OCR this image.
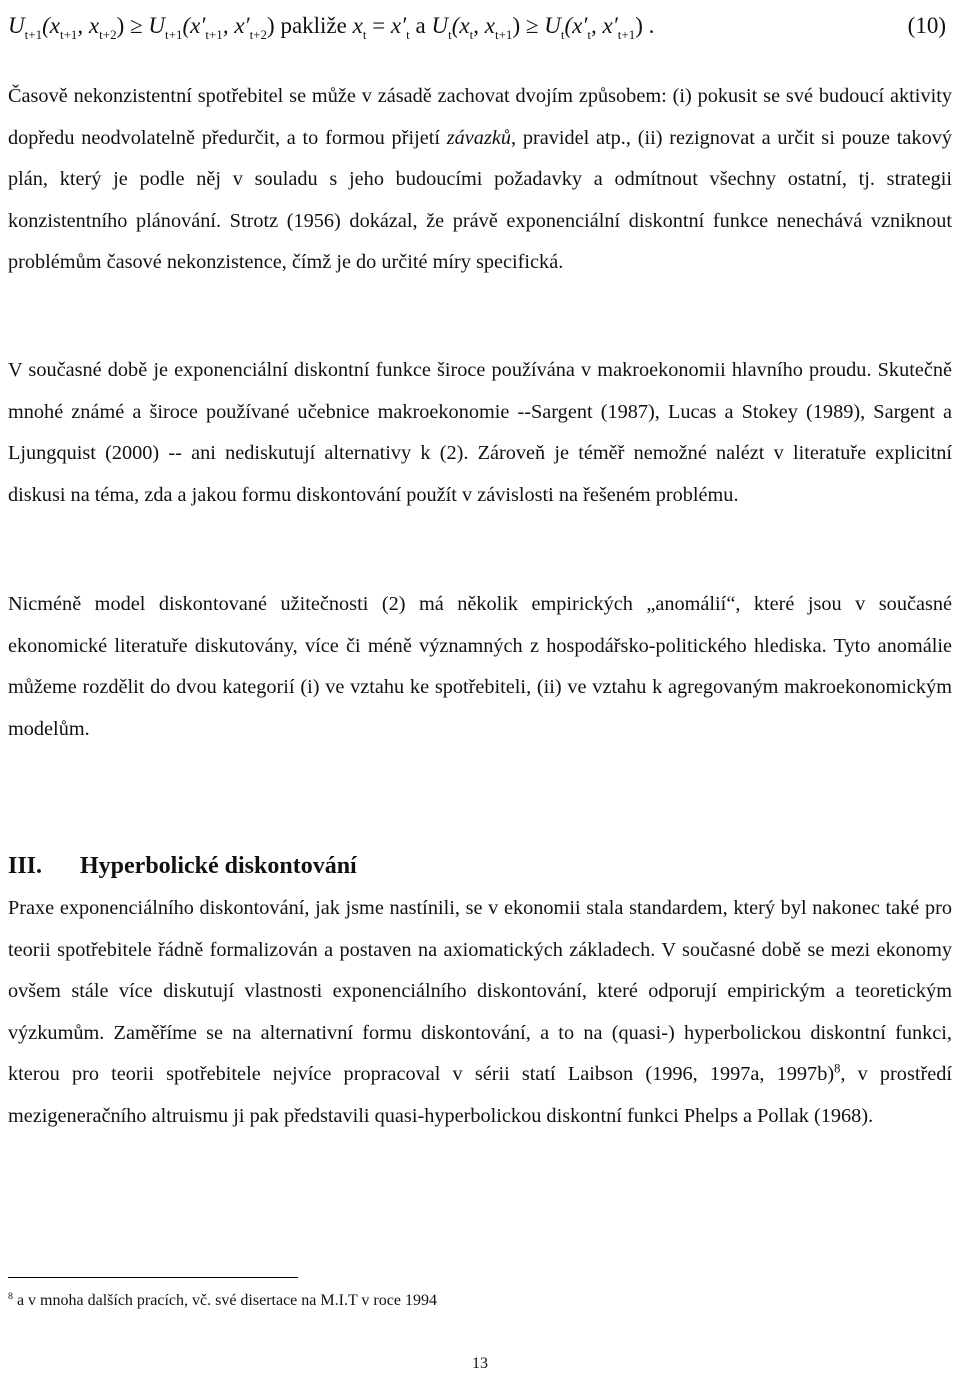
$U_{t+1}(x_{t+1}$, $x_{t+2}) \ge U_{t+1}(x'_{t+1}$, $x'_{t+2}$) pakliže $x_t = x'_t$ a $U_t(x_t$, $x_{t+1}) \ge U_t(x'_t$, $x'_{t+1}$) .	(10)

Časově nekonzistentní spotřebitel se může v zásadě zachovat dvojím způsobem: (i) pokusit se své budoucí aktivity dopředu neodvolatelně předurčit, a to formou přijetí závazků, pravidel atp., (ii) rezignovat a určit si pouze takový plán, který je podle něj v souladu s jeho budoucími požadavky a odmítnout všechny ostatní, tj. strategii konzistentního plánování. Strotz (1956) dokázal, že právě exponenciální diskontní funkce nenechává vzniknout problémům časové nekonzistence, čímž je do určité míry specifická.

V současné době je exponenciální diskontní funkce široce používána v makroekonomii hlavního proudu. Skutečně mnohé známé a široce používané učebnice makroekonomie --Sargent (1987), Lucas a Stokey (1989), Sargent a Ljungquist (2000) -- ani nediskutují alternativy k (2). Zároveň je téměř nemožné nalézt v literatuře explicitní diskusi na téma, zda a jakou formu diskontování použít v závislosti na řešeném problému.

Nicméně model diskontované užitečnosti (2) má několik empirických „anomálií“, které jsou v současné ekonomické literatuře diskutovány, více či méně významných z hospodářsko-politického hlediska. Tyto anomálie můžeme rozdělit do dvou kategorií (i) ve vztahu ke spotřebiteli, (ii) ve vztahu k agregovaným makroekonomickým modelům.

III. Hyperbolické diskontování

Praxe exponenciálního diskontování, jak jsme nastínili, se v ekonomii stala standardem, který byl nakonec také pro teorii spotřebitele řádně formalizován a postaven na axiomatických základech. V současné době se mezi ekonomy ovšem stále více diskutují vlastnosti exponenciálního diskontování, které odporují empirickým a teoretickým výzkumům. Zaměříme se na alternativní formu diskontování, a to na (quasi-) hyperbolickou diskontní funkci, kterou pro teorii spotřebitele nejvíce propracoval v sérii statí Laibson (1996, 1997a, 1997b)$^8$, v prostředí mezigeneračního altruismu ji pak představili quasi-hyperbolickou diskontní funkci Phelps a Pollak (1968).

$^8$ a v mnoha dalších pracích, vč. své disertace na M.I.T v roce 1994

13
